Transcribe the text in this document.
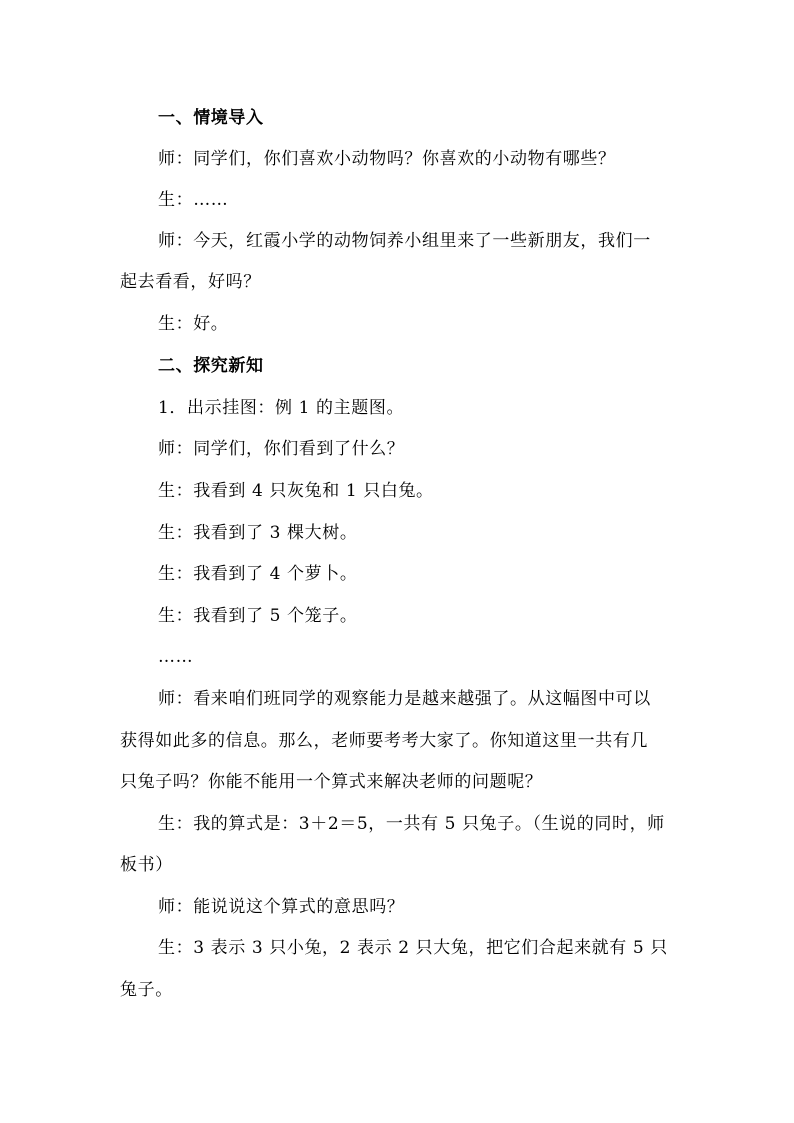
一、情境导入
师：同学们，你们喜欢小动物吗？你喜欢的小动物有哪些？
生：……
师：今天，红霞小学的动物饲养小组里来了一些新朋友，我们一
起去看看，好吗？
生：好。
二、探究新知
1．出示挂图：例 1 的主题图。
师：同学们，你们看到了什么？
生：我看到 4 只灰兔和 1 只白兔。
生：我看到了 3 棵大树。
生：我看到了 4 个萝卜。
生：我看到了 5 个笼子。
……
师：看来咱们班同学的观察能力是越来越强了。从这幅图中可以
获得如此多的信息。那么，老师要考考大家了。你知道这里一共有几
只兔子吗？你能不能用一个算式来解决老师的问题呢？
生：我的算式是：3＋2＝5，一共有 5 只兔子。（生说的同时，师
板书）
师：能说说这个算式的意思吗？
生：3 表示 3 只小兔，2 表示 2 只大兔，把它们合起来就有 5 只
兔子。
